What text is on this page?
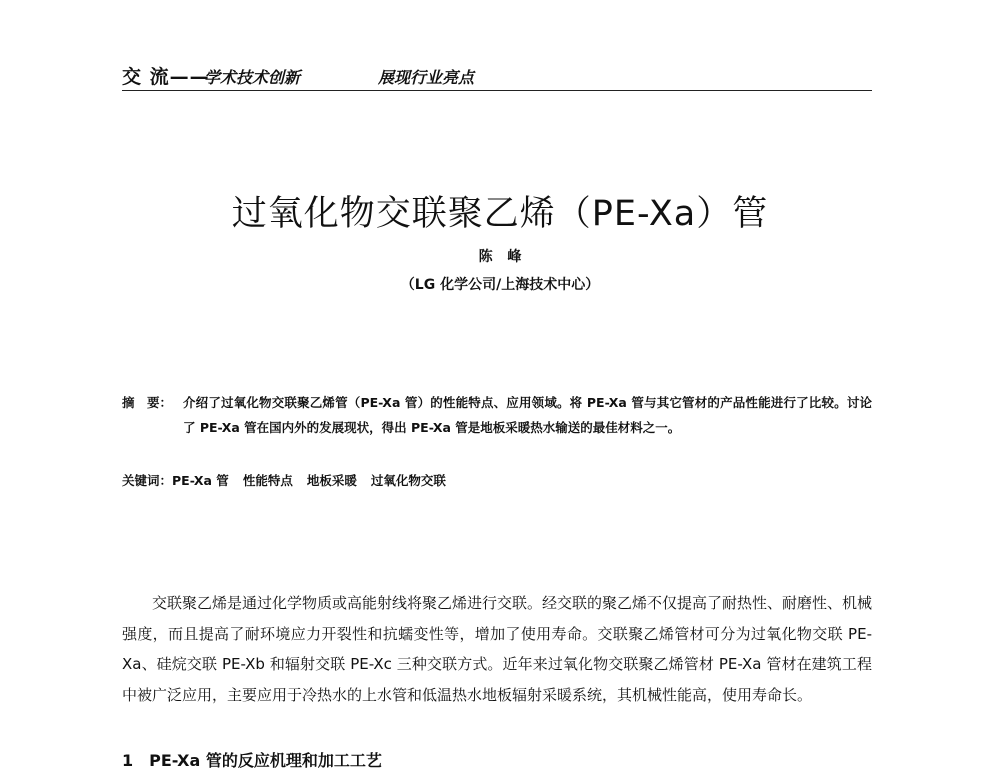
交 流——
学术技术创新	展现行业亮点
过氧化物交联聚乙烯（PE-Xa）管
陈 峰
（LG 化学公司/上海技术中心）
摘　要： 介绍了过氧化物交联聚乙烯管（PE-Xa 管）的性能特点、应用领域。将 PE-Xa 管与其它管材的产品性能进行了比较。讨论了 PE-Xa 管在国内外的发展现状，得出 PE-Xa 管是地板采暖热水输送的最佳材料之一。
关键词：PE-Xa 管 性能特点 地板采暖 过氧化物交联

交联聚乙烯是通过化学物质或高能射线将聚乙烯进行交联。经交联的聚乙烯不仅提高了耐热性、耐磨性、机械强度，而且提高了耐环境应力开裂性和抗蠕变性等，增加了使用寿命。交联聚乙烯管材可分为过氧化物交联 PE-Xa、硅烷交联 PE-Xb 和辐射交联 PE-Xc 三种交联方式。近年来过氧化物交联聚乙烯管材 PE-Xa 管材在建筑工程中被广泛应用，主要应用于冷热水的上水管和低温热水地板辐射采暖系统，其机械性能高，使用寿命长。

1　PE-Xa 管的反应机理和加工工艺
